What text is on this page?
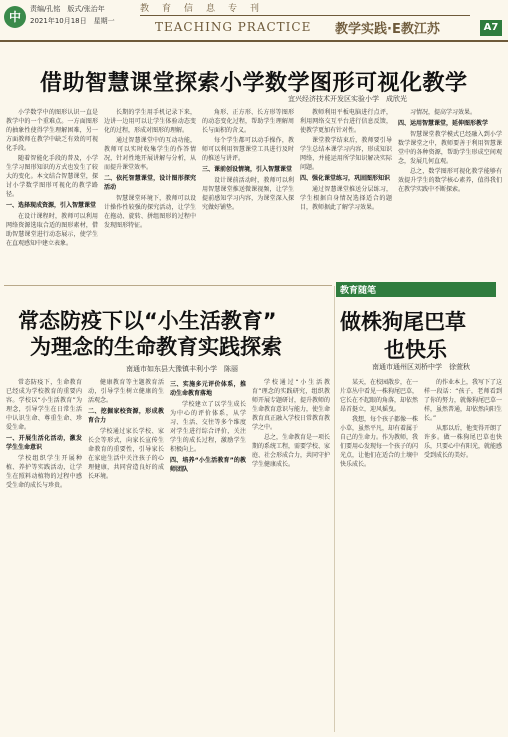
中
责编/孔铭　版式/张治年
2021年10月18日　星期一
教育信息专刊
TEACHING PRACTICE 教学实践·E教江苏	A7
借助智慧课堂探索小学数学图形可视化教学
宜兴经济技术开发区实验小学　成欣光

小学数学中的图形认识一直是教学中的一个重难点。一方面图形的抽象性使得学生理解困难，另一方面教师在教学中缺乏有效的可视化手段。

随着智能化手段的普及，小学生学习图形知识的方式也发生了较大的变化。本文结合智慧课堂，探讨小学数学图形可视化的教学路径。

一、选择现成资源，引入智慧课堂

在设计课程时，教师可以利用网络资源选取合适的图形素材，借助智慧课堂进行动态展示，使学生在直观感知中建立表象。

长期的学生用手机记录下来，边讲一边用可以让学生体验动态变化的过程，形成对图形的理解。

通过智慧课堂中的互动功能，教师可以实时收集学生的作答情况，针对性地开展讲解与分析，从而提升课堂效率。

二、依托智慧课堂，设计图形探究活动

智慧课堂环境下，教师可以设计操作性较强的探究活动，让学生在拖动、旋转、拼组图形的过程中发现图形特征。

角形、正方形、长方形等图形的动态变化过程，帮助学生理解周长与面积的含义。

每个学生都可以动手操作，教师可以利用智慧课堂工具进行及时的推送与讲评。

三、课前创设情境，引入智慧课堂

设计课前活动时，教师可以利用智慧课堂推送微课视频，让学生提前感知学习内容，为课堂深入探究做好铺垫。

教师利用平板电脑进行点评，利用网络交互平台进行信息反馈，使教学更加有针对性。

课堂教学结束后，教师要引导学生总结本课学习内容，形成知识网络，并能运用所学知识解决实际问题。

四、强化课堂练习，巩固图形知识

通过智慧课堂推送分层练习，学生根据自身情况选择适合的题目，教师据此了解学习效果。

习情况，提高学习效果。

四、运用智慧课堂，延伸图形教学

智慧课堂教学模式已经融入到小学数学课堂之中，教师要善于利用智慧课堂中的各种资源，帮助学生形成空间观念，发展几何直观。

总之，数学图形可视化教学能够有效提升学生的数学核心素养，值得我们在教学实践中不断探索。

常态防疫下以“小生活教育”
为理念的生命教育实践探索
南通市如东县大豫镇丰利小学　陈丽

常态防疫下，生命教育已经成为学校教育的重要内容。学校以“小生活教育”为理念，引导学生在日常生活中认识生命、尊重生命、珍爱生命。

一、开展生活化活动，激发学生生命意识

学校组织学生开展种植、养护等实践活动，让学生在照料动植物的过程中感受生命的成长与珍贵。

健康教育等主题教育活动，引导学生树立健康的生活观念。

二、挖掘家校资源，形成教育合力

学校通过家长学校、家长会等形式，向家长宣传生命教育的重要性，引导家长在家庭生活中关注孩子的心理健康，共同营造良好的成长环境。

三、实施多元评价体系，推动生命教育落地

学校建立了以学生成长为中心的评价体系，从学习、生活、交往等多个维度对学生进行综合评价，关注学生的成长过程，激励学生积极向上。

四、培养“小生活教育”的教师团队

学校通过“小生活教育”理念的实践研究，组织教师开展专题研讨，提升教师的生命教育意识与能力，使生命教育真正融入学校日常教育教学之中。

总之，生命教育是一项长期的系统工程，需要学校、家庭、社会形成合力，共同守护学生健康成长。

教育随笔
做株狗尾巴草
也快乐
南通市通州区刘桥中学　徐萱秋

某天，在校园散步，在一片草丛中看见一株狗尾巴草，它长在不起眼的角落，却依然昂首挺立，迎风摇曳。

我想，每个孩子都像一株小草，虽然平凡，却有着属于自己的生命力。作为教师，我们要用心发现每一个孩子的闪光点，让他们在适合的土壤中快乐成长。

的作业本上，我写下了这样一段话：“孩子，老师看到了你的努力，就像狗尾巴草一样，虽然普通，却依然向阳生长。”

从那以后，他变得开朗了许多。做一株狗尾巴草也快乐，只要心中有阳光，就能感受到成长的美好。
